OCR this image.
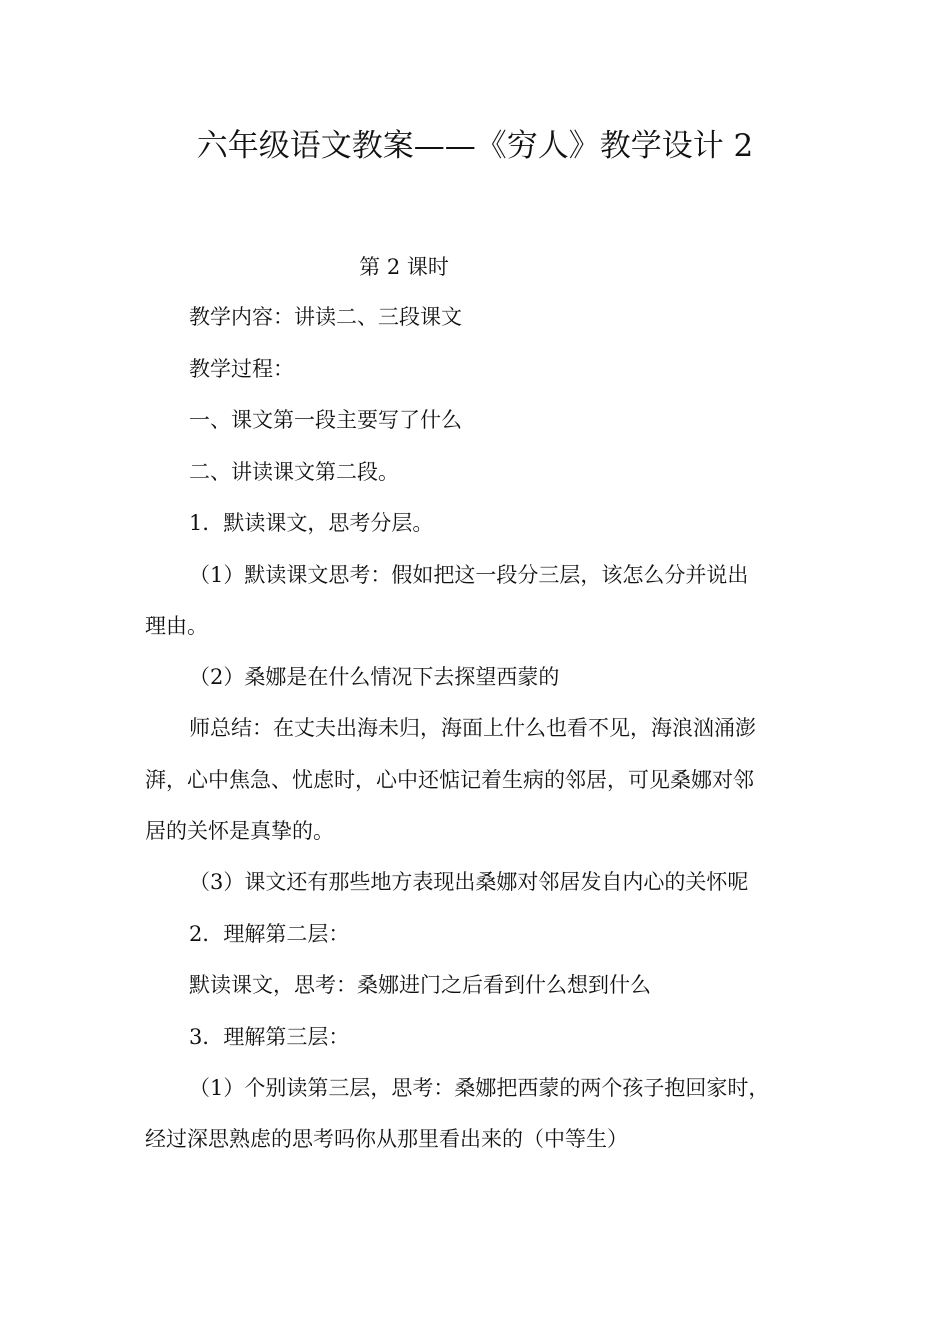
六年级语文教案——《穷人》教学设计 2
第 2 课时
教学内容：讲读二、三段课文
教学过程：
一、课文第一段主要写了什么
二、讲读课文第二段。
1．默读课文，思考分层。
（1）默读课文思考：假如把这一段分三层，该怎么分并说出
理由。
（2）桑娜是在什么情况下去探望西蒙的
师总结：在丈夫出海未归，海面上什么也看不见，海浪汹涌澎
湃，心中焦急、忧虑时，心中还惦记着生病的邻居，可见桑娜对邻
居的关怀是真挚的。
（3）课文还有那些地方表现出桑娜对邻居发自内心的关怀呢
2．理解第二层：
默读课文，思考：桑娜进门之后看到什么想到什么
3．理解第三层：
（1）个别读第三层，思考：桑娜把西蒙的两个孩子抱回家时，
经过深思熟虑的思考吗你从那里看出来的（中等生）
